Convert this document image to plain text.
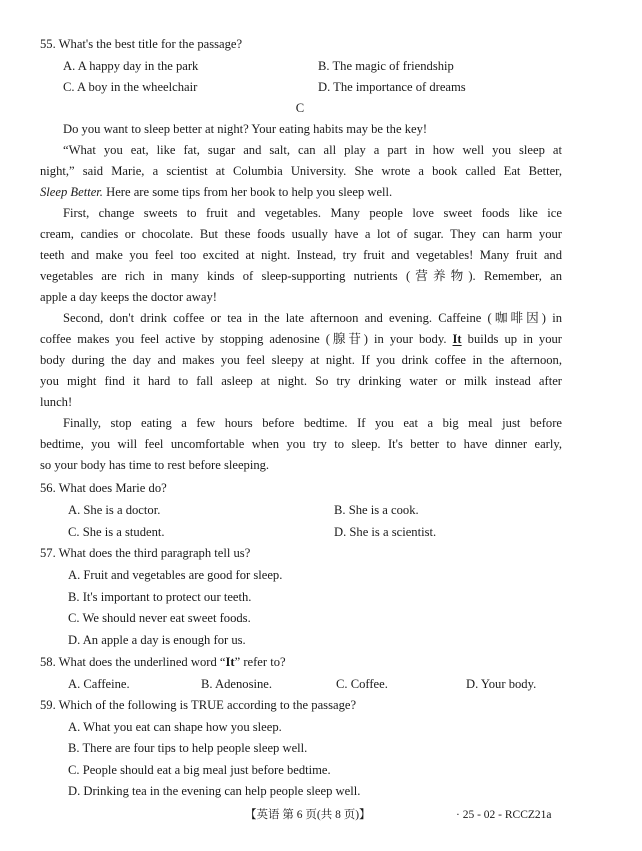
55. What's the best title for the passage?
A. A happy day in the park	B. The magic of friendship
C. A boy in the wheelchair	D. The importance of dreams
C
Do you want to sleep better at night? Your eating habits may be the key!
“What you eat, like fat, sugar and salt, can all play a part in how well you sleep at
night,” said Marie, a scientist at Columbia University. She wrote a book called Eat Better,
Sleep Better. Here are some tips from her book to help you sleep well.
First, change sweets to fruit and vegetables. Many people love sweet foods like ice
cream, candies or chocolate. But these foods usually have a lot of sugar. They can harm your
teeth and make you feel too excited at night. Instead, try fruit and vegetables! Many fruit and
vegetables are rich in many kinds of sleep-supporting nutrients (营养物). Remember, an
apple a day keeps the doctor away!
Second, don't drink coffee or tea in the late afternoon and evening. Caffeine (咖啡因) in
coffee makes you feel active by stopping adenosine (腺苷) in your body. It builds up in your
body during the day and makes you feel sleepy at night. If you drink coffee in the afternoon,
you might find it hard to fall asleep at night. So try drinking water or milk instead after
lunch!
Finally, stop eating a few hours before bedtime. If you eat a big meal just before
bedtime, you will feel uncomfortable when you try to sleep. It's better to have dinner early,
so your body has time to rest before sleeping.
56. What does Marie do?
A. She is a doctor.	B. She is a cook.
C. She is a student.	D. She is a scientist.
57. What does the third paragraph tell us?
A. Fruit and vegetables are good for sleep.
B. It's important to protect our teeth.
C. We should never eat sweet foods.
D. An apple a day is enough for us.
58. What does the underlined word “It” refer to?
A. Caffeine.	B. Adenosine.	C. Coffee.	D. Your body.
59. Which of the following is TRUE according to the passage?
A. What you eat can shape how you sleep.
B. There are four tips to help people sleep well.
C. People should eat a big meal just before bedtime.
D. Drinking tea in the evening can help people sleep well.
【英语 第 6 页(共 8 页)】	· 25 - 02 - RCCZ21a
